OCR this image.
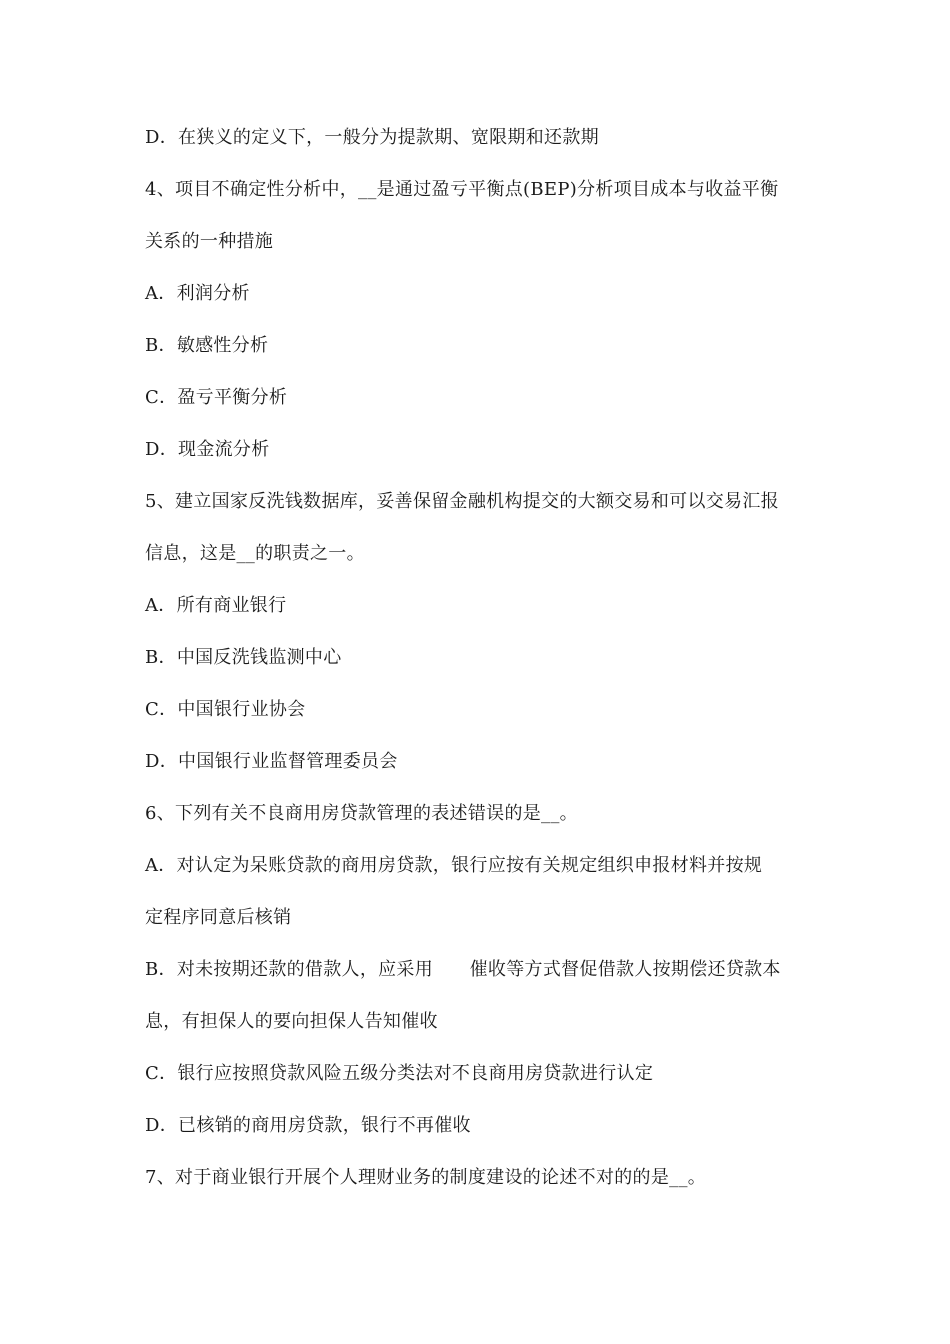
D．在狭义的定义下，一般分为提款期、宽限期和还款期
4、项目不确定性分析中，__是通过盈亏平衡点(BEP)分析项目成本与收益平衡
关系的一种措施
A．利润分析
B．敏感性分析
C．盈亏平衡分析
D．现金流分析
5、建立国家反洗钱数据库，妥善保留金融机构提交的大额交易和可以交易汇报
信息，这是__的职责之一。
A．所有商业银行
B．中国反洗钱监测中心
C．中国银行业协会
D．中国银行业监督管理委员会
6、下列有关不良商用房贷款管理的表述错误的是__。
A．对认定为呆账贷款的商用房贷款，银行应按有关规定组织申报材料并按规
定程序同意后核销
B．对未按期还款的借款人，应采用　　催收等方式督促借款人按期偿还贷款本
息，有担保人的要向担保人告知催收
C．银行应按照贷款风险五级分类法对不良商用房贷款进行认定
D．已核销的商用房贷款，银行不再催收
7、对于商业银行开展个人理财业务的制度建设的论述不对的的是__。
